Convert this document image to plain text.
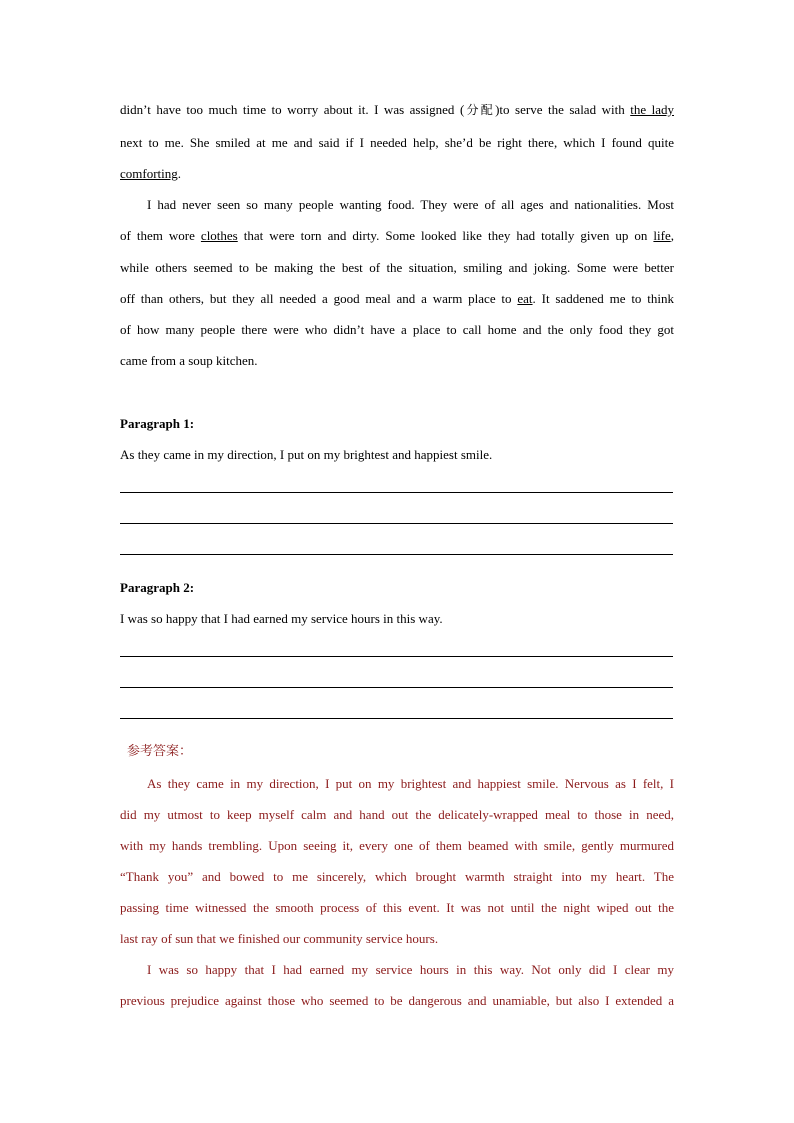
didn’t have too much time to worry about it. I was assigned (分配)to serve the salad with the lady
next to me. She smiled at me and said if I needed help, she’d be right there, which I found quite
comforting.
I had never seen so many people wanting food. They were of all ages and nationalities. Most
of them wore clothes that were torn and dirty. Some looked like they had totally given up on life,
while others seemed to be making the best of the situation, smiling and joking. Some were better
off than others, but they all needed a good meal and a warm place to eat. It saddened me to think
of how many people there were who didn’t have a place to call home and the only food they got
came from a soup kitchen.
Paragraph 1:
As they came in my direction, I put on my brightest and happiest smile.
Paragraph 2:
I was so happy that I had earned my service hours in this way.
参考答案：
As they came in my direction, I put on my brightest and happiest smile. Nervous as I felt, I
did my utmost to keep myself calm and hand out the delicately-wrapped meal to those in need,
with my hands trembling. Upon seeing it, every one of them beamed with smile, gently murmured
“Thank you” and bowed to me sincerely, which brought warmth straight into my heart. The
passing time witnessed the smooth process of this event. It was not until the night wiped out the
last ray of sun that we finished our community service hours.
I was so happy that I had earned my service hours in this way. Not only did I clear my
previous prejudice against those who seemed to be dangerous and unamiable, but also I extended a
